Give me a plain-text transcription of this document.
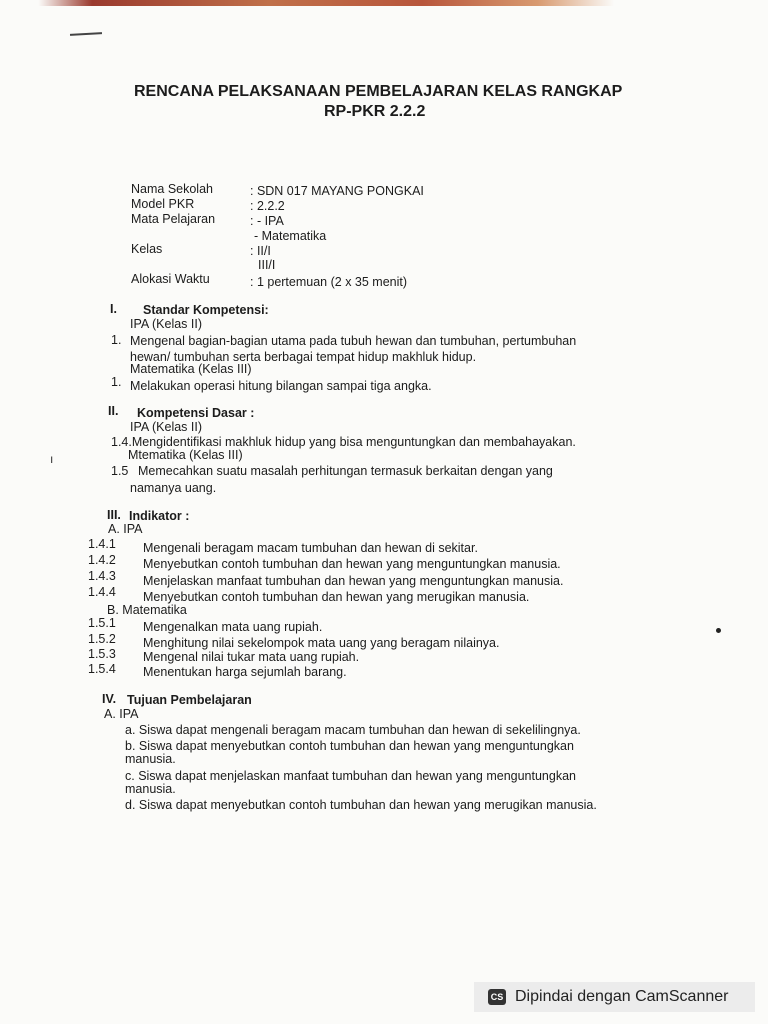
ı
RENCANA PELAKSANAAN PEMBELAJARAN KELAS RANGKAP
RP-PKR 2.2.2
Nama Sekolah	: SDN 017 MAYANG PONGKAI
Model PKR	: 2.2.2
Mata Pelajaran	: - IPA
- Matematika
Kelas	: II/I
III/I
Alokasi Waktu	: 1 pertemuan (2 x 35 menit)
I. Standar Kompetensi:
IPA (Kelas II)
1. Mengenal bagian-bagian utama pada tubuh hewan dan tumbuhan, pertumbuhan
hewan/ tumbuhan serta berbagai tempat hidup makhluk hidup.
Matematika (Kelas III)
1. Melakukan operasi hitung bilangan sampai tiga angka.
II. Kompetensi Dasar :
IPA (Kelas II)
1.4.Mengidentifikasi makhluk hidup yang bisa menguntungkan dan membahayakan.
Mtematika (Kelas III)
1.5 Memecahkan suatu masalah perhitungan termasuk berkaitan dengan yang
namanya uang.
III. Indikator :
A. IPA
1.4.1 Mengenali beragam macam tumbuhan dan hewan di sekitar.
1.4.2 Menyebutkan contoh tumbuhan dan hewan yang menguntungkan manusia.
1.4.3 Menjelaskan manfaat tumbuhan dan hewan yang menguntungkan manusia.
1.4.4 Menyebutkan contoh tumbuhan dan hewan yang merugikan manusia.
B. Matematika
1.5.1 Mengenalkan mata uang rupiah.
1.5.2 Menghitung nilai sekelompok mata uang yang beragam nilainya.
1.5.3 Mengenal nilai tukar mata uang rupiah.
1.5.4 Menentukan harga sejumlah barang.
IV. Tujuan Pembelajaran
A. IPA
a. Siswa dapat mengenali beragam macam tumbuhan dan hewan di sekelilingnya.
b. Siswa dapat menyebutkan contoh tumbuhan dan hewan yang menguntungkan
manusia.
c. Siswa dapat menjelaskan manfaat tumbuhan dan hewan yang menguntungkan
manusia.
d. Siswa dapat menyebutkan contoh tumbuhan dan hewan yang merugikan manusia.
CS Dipindai dengan CamScanner
